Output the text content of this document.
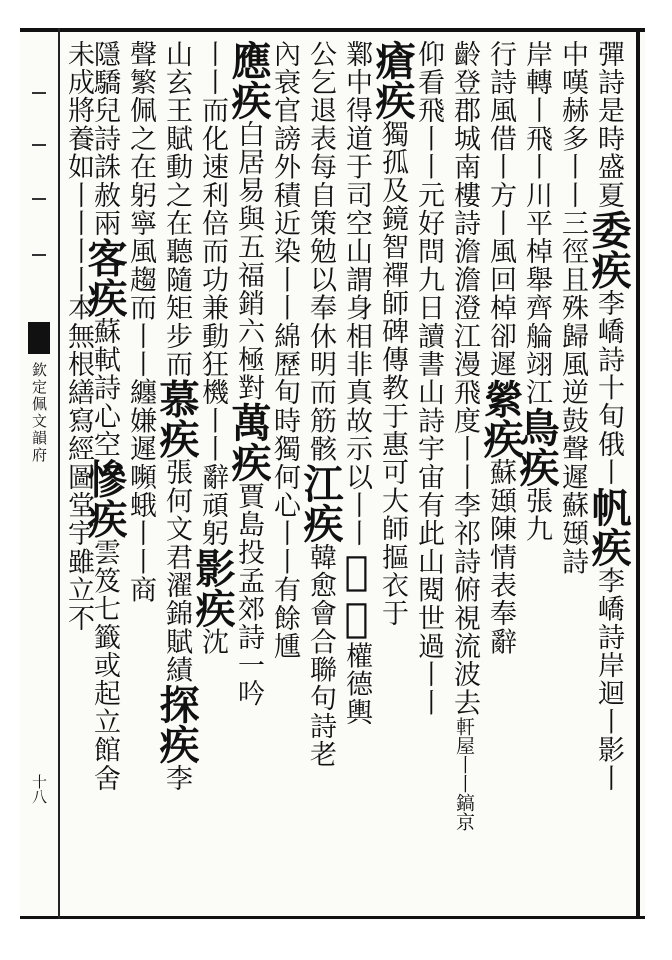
欽定佩文韻府
十八
彈詩是時盛夏委疾李嶠詩十旬俄丨帆疾李嶠詩岸迴丨影丨
中嘆赫多丨丨三徑且殊歸風逆鼓聲遲蘇頲詩
岸轉丨飛丨川平棹舉齊䑳翊江鳥疾張九
行詩風借丨方丨風回棹卻遲縈疾蘇頲陳情表奉辭
齡登郡城南樓詩澹澹澄江漫飛度丨丨李祁詩俯視流波去軒屋丨丨鎬京
仰看飛丨丨元好問九日讀書山詩宇宙有此山閱世過丨丨
瘡疾獨孤及鏡智禪師碑傳教于惠可大師摳衣于
鄴中得道于司空山謂身相非真故示以丨丨𪽘疾權德輿
公乞退表每自策勉以奉休明而筋骸江疾韓愈會合聯句詩老
內衰官謗外積近染丨丨綿歷旬時獨何心丨丨有餘尰
應疾白居易與五福銷六極對萬疾賈島投孟郊詩一吟
丨丨而化速利倍而功兼動狂機丨丨辭頑躬影疾沈
山玄王賦動之在聽隨矩步而慕疾張何文君濯錦賦績探疾李
聲繁佩之在躬寧風趨而丨丨纏嫌遲嚬蛾丨丨商
隱驕兒詩誅赦兩客疾蘇軾詩心空慘疾雲笈七籤或起立館舍
未成將養如丨丨丨丨本無根繕寫經圖堂宇雖立不
